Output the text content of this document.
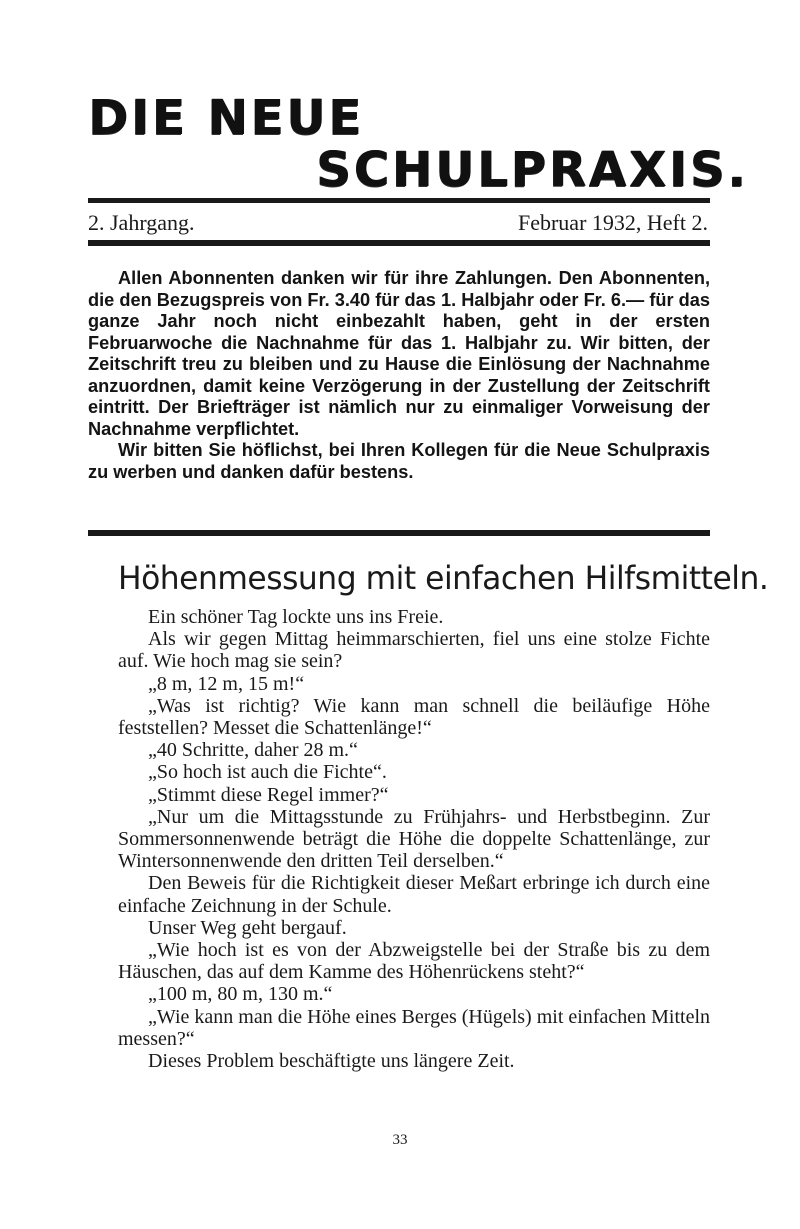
DIE NEUE
SCHULPRAXIS.

2. Jahrgang.	Februar 1932, Heft 2.

Allen Abonnenten danken wir für ihre Zahlungen. Den Abonnenten, die den Bezugspreis von Fr. 3.40 für das 1. Halbjahr oder Fr. 6.— für das ganze Jahr noch nicht einbezahlt haben, geht in der ersten Februarwoche die Nachnahme für das 1. Halbjahr zu. Wir bitten, der Zeitschrift treu zu bleiben und zu Hause die Einlösung der Nachnahme anzuordnen, damit keine Verzögerung in der Zustellung der Zeitschrift eintritt. Der Briefträger ist nämlich nur zu einmaliger Vorweisung der Nachnahme verpflichtet.

Wir bitten Sie höflichst, bei Ihren Kollegen für die Neue Schulpraxis zu werben und danken dafür bestens.

Höhenmessung mit einfachen Hilfsmitteln.

Ein schöner Tag lockte uns ins Freie.

Als wir gegen Mittag heimmarschierten, fiel uns eine stolze Fichte auf. Wie hoch mag sie sein?

„8 m, 12 m, 15 m!“

„Was ist richtig? Wie kann man schnell die beiläufige Höhe feststellen? Messet die Schattenlänge!“

„40 Schritte, daher 28 m.“

„So hoch ist auch die Fichte“.

„Stimmt diese Regel immer?“

„Nur um die Mittagsstunde zu Frühjahrs- und Herbstbeginn. Zur Sommersonnenwende beträgt die Höhe die doppelte Schattenlänge, zur Wintersonnenwende den dritten Teil derselben.“

Den Beweis für die Richtigkeit dieser Meßart erbringe ich durch eine einfache Zeichnung in der Schule.

Unser Weg geht bergauf.

„Wie hoch ist es von der Abzweigstelle bei der Straße bis zu dem Häuschen, das auf dem Kamme des Höhenrückens steht?“

„100 m, 80 m, 130 m.“

„Wie kann man die Höhe eines Berges (Hügels) mit einfachen Mitteln messen?“

Dieses Problem beschäftigte uns längere Zeit.

33
